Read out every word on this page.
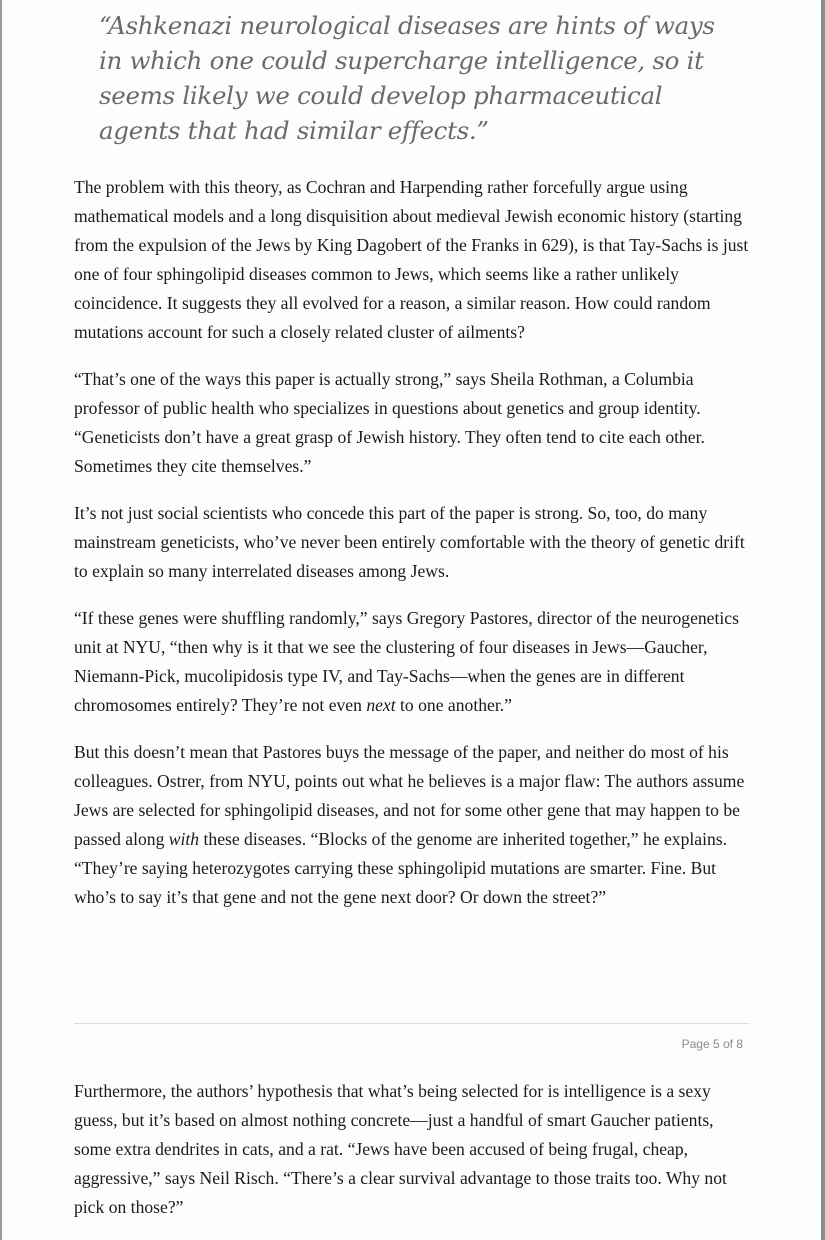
“Ashkenazi neurological diseases are hints of ways
in which one could supercharge intelligence, so it
seems likely we could develop pharmaceutical
agents that had similar effects.”

The problem with this theory, as Cochran and Harpending rather forcefully argue using mathematical models and a long disquisition about medieval Jewish economic history (starting from the expulsion of the Jews by King Dagobert of the Franks in 629), is that Tay-Sachs is just one of four sphingolipid diseases common to Jews, which seems like a rather unlikely coincidence. It suggests they all evolved for a reason, a similar reason. How could random mutations account for such a closely related cluster of ailments?

“That’s one of the ways this paper is actually strong,” says Sheila Rothman, a Columbia professor of public health who specializes in questions about genetics and group identity. “Geneticists don’t have a great grasp of Jewish history. They often tend to cite each other. Sometimes they cite themselves.”

It’s not just social scientists who concede this part of the paper is strong. So, too, do many mainstream geneticists, who’ve never been entirely comfortable with the theory of genetic drift to explain so many interrelated diseases among Jews.

“If these genes were shuffling randomly,” says Gregory Pastores, director of the neurogenetics unit at NYU, “then why is it that we see the clustering of four diseases in Jews—Gaucher, Niemann-Pick, mucolipidosis type IV, and Tay-Sachs—when the genes are in different chromosomes entirely? They’re not even next to one another.”

But this doesn’t mean that Pastores buys the message of the paper, and neither do most of his colleagues. Ostrer, from NYU, points out what he believes is a major flaw: The authors assume Jews are selected for sphingolipid diseases, and not for some other gene that may happen to be passed along with these diseases. “Blocks of the genome are inherited together,” he explains. “They’re saying heterozygotes carrying these sphingolipid mutations are smarter. Fine. But who’s to say it’s that gene and not the gene next door? Or down the street?”

Page 5 of 8

Furthermore, the authors’ hypothesis that what’s being selected for is intelligence is a sexy guess, but it’s based on almost nothing concrete—just a handful of smart Gaucher patients, some extra dendrites in cats, and a rat. “Jews have been accused of being frugal, cheap, aggressive,” says Neil Risch. “There’s a clear survival advantage to those traits too. Why not pick on those?”
